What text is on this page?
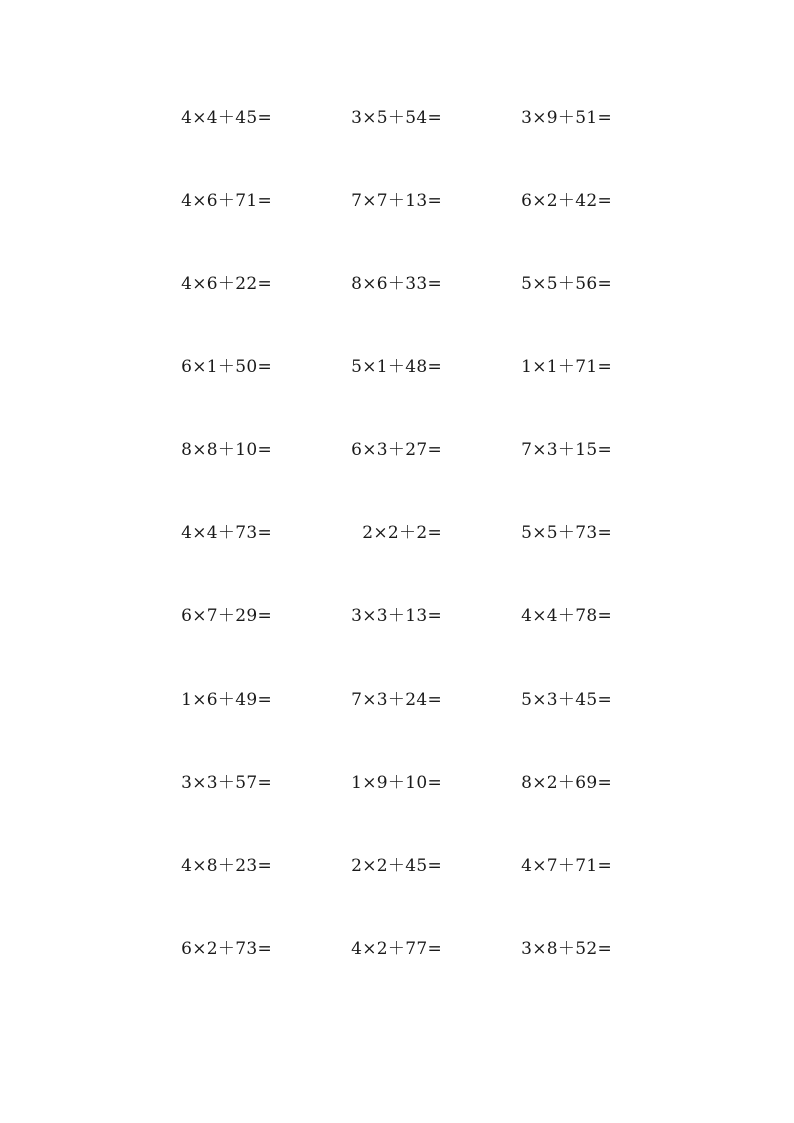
4×4＋45=	3×5＋54=	3×9＋51=
4×6＋71=	7×7＋13=	6×2＋42=
4×6＋22=	8×6＋33=	5×5＋56=
6×1＋50=	5×1＋48=	1×1＋71=
8×8＋10=	6×3＋27=	7×3＋15=
4×4＋73=	2×2＋2=	5×5＋73=
6×7＋29=	3×3＋13=	4×4＋78=
1×6＋49=	7×3＋24=	5×3＋45=
3×3＋57=	1×9＋10=	8×2＋69=
4×8＋23=	2×2＋45=	4×7＋71=
6×2＋73=	4×2＋77=	3×8＋52=
